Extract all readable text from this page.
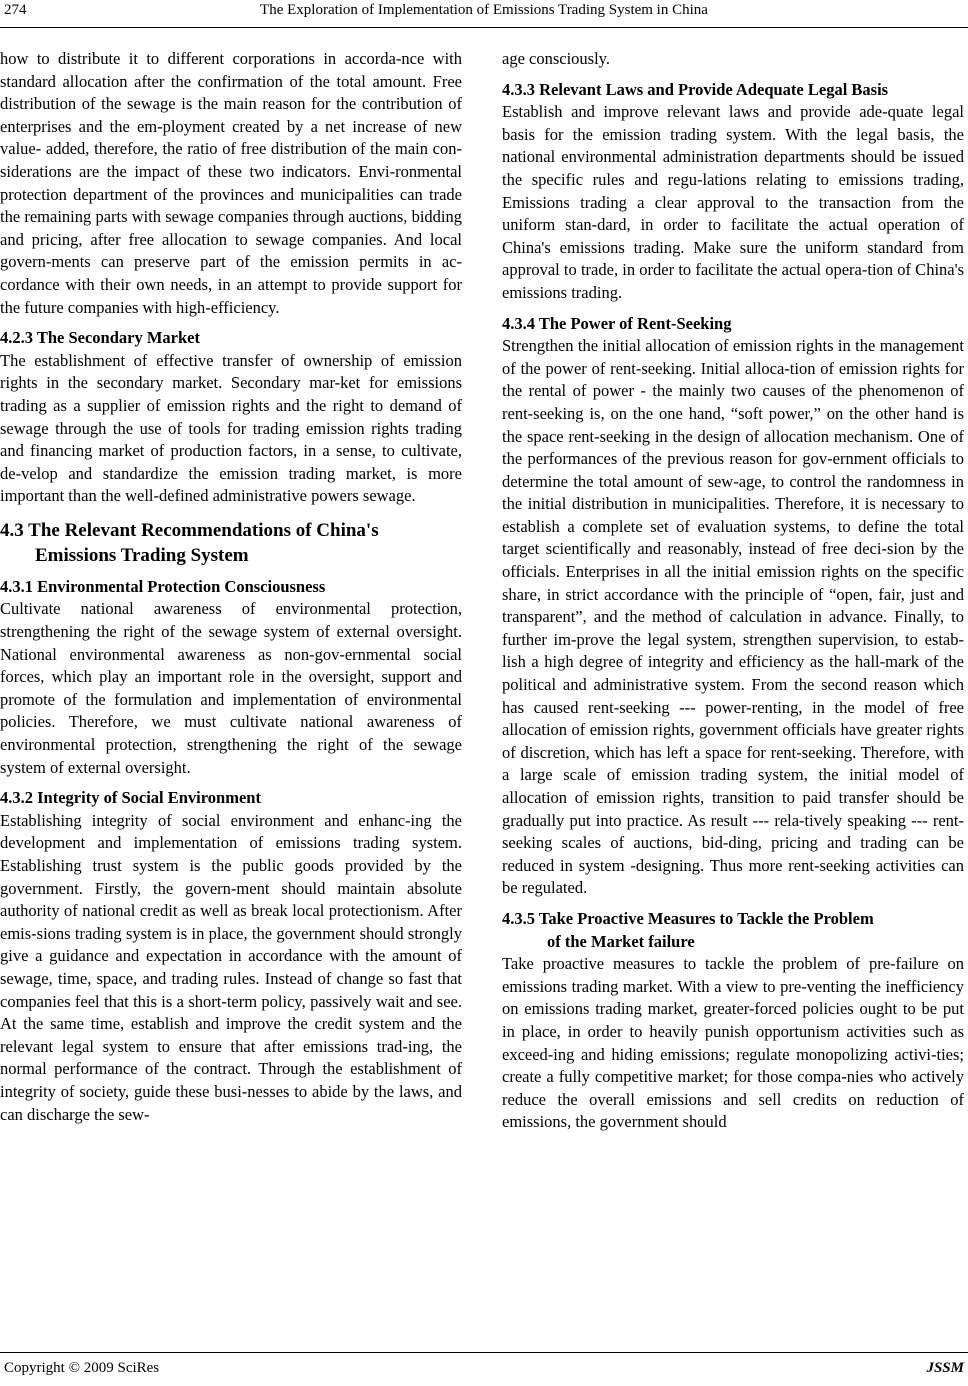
274	The Exploration of Implementation of Emissions Trading System in China

how to distribute it to different corporations in accorda-nce with standard allocation after the confirmation of the total amount. Free distribution of the sewage is the main reason for the contribution of enterprises and the em-ployment created by a net increase of new value- added, therefore, the ratio of free distribution of the main con-siderations are the impact of these two indicators. Envi-ronmental protection department of the provinces and municipalities can trade the remaining parts with sewage companies through auctions, bidding and pricing, after free allocation to sewage companies. And local govern-ments can preserve part of the emission permits in ac-cordance with their own needs, in an attempt to provide support for the future companies with high-efficiency.

4.2.3 The Secondary Market

The establishment of effective transfer of ownership of emission rights in the secondary market. Secondary mar-ket for emissions trading as a supplier of emission rights and the right to demand of sewage through the use of tools for trading emission rights trading and financing market of production factors, in a sense, to cultivate, de-velop and standardize the emission trading market, is more important than the well-defined administrative powers sewage.

4.3 The Relevant Recommendations of China's
Emissions Trading System
4.3.1 Environmental Protection Consciousness

Cultivate national awareness of environmental protection, strengthening the right of the sewage system of external oversight. National environmental awareness as non-gov-ernmental social forces, which play an important role in the oversight, support and promote of the formulation and implementation of environmental policies. Therefore, we must cultivate national awareness of environmental protection, strengthening the right of the sewage system of external oversight.

4.3.2 Integrity of Social Environment

Establishing integrity of social environment and enhanc-ing the development and implementation of emissions trading system. Establishing trust system is the public goods provided by the government. Firstly, the govern-ment should maintain absolute authority of national credit as well as break local protectionism. After emis-sions trading system is in place, the government should strongly give a guidance and expectation in accordance with the amount of sewage, time, space, and trading rules. Instead of change so fast that companies feel that this is a short-term policy, passively wait and see. At the same time, establish and improve the credit system and the relevant legal system to ensure that after emissions trad-ing, the normal performance of the contract. Through the establishment of integrity of society, guide these busi-nesses to abide by the laws, and can discharge the sew-

age consciously.

4.3.3 Relevant Laws and Provide Adequate Legal Basis

Establish and improve relevant laws and provide ade-quate legal basis for the emission trading system. With the legal basis, the national environmental administration departments should be issued the specific rules and regu-lations relating to emissions trading, Emissions trading a clear approval to the transaction from the uniform stan-dard, in order to facilitate the actual operation of China's emissions trading. Make sure the uniform standard from approval to trade, in order to facilitate the actual opera-tion of China's emissions trading.

4.3.4 The Power of Rent-Seeking

Strengthen the initial allocation of emission rights in the management of the power of rent-seeking. Initial alloca-tion of emission rights for the rental of power - the mainly two causes of the phenomenon of rent-seeking is, on the one hand, “soft power,” on the other hand is the space rent-seeking in the design of allocation mechanism. One of the performances of the previous reason for gov-ernment officials to determine the total amount of sew-age, to control the randomness in the initial distribution in municipalities. Therefore, it is necessary to establish a complete set of evaluation systems, to define the total target scientifically and reasonably, instead of free deci-sion by the officials. Enterprises in all the initial emission rights on the specific share, in strict accordance with the principle of “open, fair, just and transparent”, and the method of calculation in advance. Finally, to further im-prove the legal system, strengthen supervision, to estab-lish a high degree of integrity and efficiency as the hall-mark of the political and administrative system. From the second reason which has caused rent-seeking --- power-renting, in the model of free allocation of emission rights, government officials have greater rights of discretion, which has left a space for rent-seeking. Therefore, with a large scale of emission trading system, the initial model of allocation of emission rights, transition to paid transfer should be gradually put into practice. As result --- rela-tively speaking --- rent-seeking scales of auctions, bid-ding, pricing and trading can be reduced in system -designing. Thus more rent-seeking activities can be regulated.

4.3.5 Take Proactive Measures to Tackle the Problem
of the Market failure

Take proactive measures to tackle the problem of pre-failure on emissions trading market. With a view to pre-venting the inefficiency on emissions trading market, greater-forced policies ought to be put in place, in order to heavily punish opportunism activities such as exceed-ing and hiding emissions; regulate monopolizing activi-ties; create a fully competitive market; for those compa-nies who actively reduce the overall emissions and sell credits on reduction of emissions, the government should

Copyright © 2009 SciRes	JSSM
